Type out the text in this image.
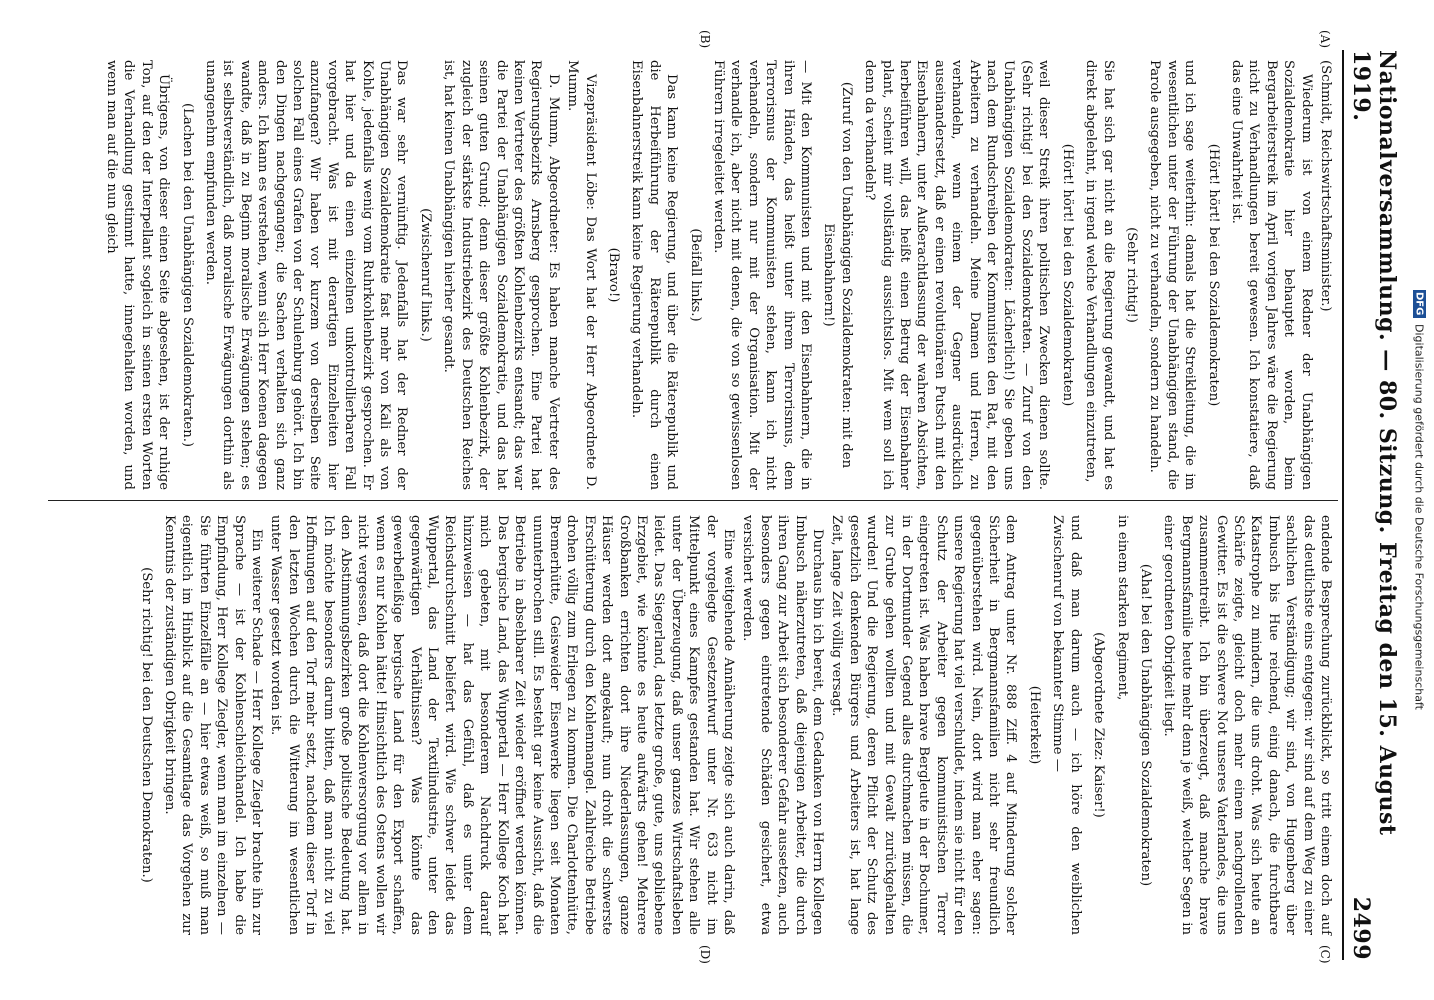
Nationalversammlung. — 80. Sitzung. Freitag den 15. August 1919.
2499
(A)
(B)
(C)
(D)

(Schmidt, Reichswirtschaftsminister.)

Wiederum ist von einem Redner der Unabhängigen Sozialdemokratie hier behauptet worden, beim Bergarbeiterstreik im April vorigen Jahres wäre die Regierung nicht zu Verhandlungen bereit gewesen. Ich konstatiere, daß das eine Unwahrheit ist.

(Hört! hört! bei den Sozialdemokraten)

und ich sage weiterhin: damals hat die Streikleitung, die im wesentlichen unter der Führung der Unabhängigen stand, die Parole ausgegeben, nicht zu verhandeln, sondern zu handeln.

(Sehr richtig!)

Sie hat sich gar nicht an die Regierung gewandt, und hat es direkt abgelehnt, in irgend welche Verhandlungen einzutreten,

(Hört! hört! bei den Sozialdemokraten)

weil dieser Streik ihren politischen Zwecken dienen sollte. (Sehr richtig! bei den Sozialdemokraten. — Zuruf von den Unabhängigen Sozialdemokraten: Lächerlich!) Sie geben uns nach dem Rundschreiben der Kommunisten den Rat, mit den Arbeitern zu verhandeln. Meine Damen und Herren, zu verhandeln, wenn einem der Gegner ausdrücklich auseinandersetzt, daß er einen revolutionären Putsch mit den Eisenbahnern, unter Außerachtlassung der wahren Absichten, herbeiführen will, das heißt einen Betrug der Eisenbahner plant, scheint mir vollständig aussichtslos. Mit wem soll ich denn da verhandeln?

(Zuruf von den Unabhängigen Sozialdemokraten: mit den Eisenbahnern!)

— Mit den Kommunisten und mit den Eisenbahnern, die in ihren Händen, das heißt unter ihrem Terrorismus, dem Terrorismus der Kommunisten stehen, kann ich nicht verhandeln, sondern nur mit der Organisation. Mit der verhandle ich, aber nicht mit denen, die von so gewissenlosen Führern irregeleitet werden.

(Beifall links.)

Das kann keine Regierung, und über die Räterepublik und die Herbeiführung der Räterepublik durch einen Eisenbahnerstreik kann keine Regierung verhandeln.

(Bravo!)

Vizepräsident Löbe: Das Wort hat der Herr Abgeordnete D. Mumm.

D. Mumm, Abgeordneter: Es haben manche Vertreter des Regierungsbezirks Arnsberg gesprochen. Eine Partei hat keinen Vertreter des größten Kohlenbezirks entsandt; das war die Partei der Unabhängigen Sozialdemokratie, und das hat seinen guten Grund; denn dieser größte Kohlenbezirk, der zugleich der stärkste Industriebezirk des Deutschen Reiches ist, hat keinen Unabhängigen hierher gesandt.

(Zwischenruf links.)

Das war sehr vernünftig. Jedenfalls hat der Redner der Unabhängigen Sozialdemokratie fast mehr von Kali als von Kohle, jedenfalls wenig vom Ruhrkohlenbezirk gesprochen. Er hat hier und da einen einzelnen unkontrollierbaren Fall vorgebracht. Was ist mit derartigen Einzelheiten hier anzufangen? Wir haben vor kurzem von derselben Seite solchen Fall eines Grafen von der Schulenburg gehört. Ich bin den Dingen nachgegangen; die Sachen verhalten sich ganz anders. Ich kann es verstehen, wenn sich Herr Koenen dagegen wandte, daß in zu Beginn moralische Erwägungen stehen; es ist selbstverständlich, daß moralische Erwägungen dorthin als unangenehm empfunden werden.

(Lachen bei den Unabhängigen Sozialdemokraten.)

Übrigens, von dieser einen Seite abgesehen, ist der ruhige Ton, auf den der Interpellant sogleich in seinen ersten Worten die Verhandlung gestimmt hatte, innegehalten worden, und wenn man auf die nun gleich

endende Besprechung zurückblickt, so tritt einem doch auf das deutlichste eins entgegen: wir sind auf dem Weg zu einer sachlichen Verständigung; wir sind, von Hugenberg über Imbusch bis Hue reichend, einig danach, die furchtbare Katastrophe zu mindern, die uns droht. Was sich heute an Schärfe zeigte, gleicht doch mehr einem nachgrollenden Gewitter. Es ist die schwere Not unseres Vaterlandes, die uns zusammentreibt. Ich bin überzeugt, daß manche brave Bergmannsfamilie heute mehr denn je weiß, welcher Segen in einer geordneten Obrigkeit liegt.

(Aha! bei den Unabhängigen Sozialdemokraten)

in einem starken Regiment,

(Abgeordnete Ziez: Kaiser!)

und daß man darum auch — ich höre den weiblichen Zwischenruf von bekannter Stimme —

(Heiterkeit)

dem Antrag unter Nr. 888 Ziff. 4 auf Minderung solcher Sicherheit in Bergmannsfamilien nicht sehr freundlich gegenüberstehen wird. Nein, dort wird man eher sagen: unsere Regierung hat viel verschuldet, indem sie nicht für den Schutz der Arbeiter gegen kommunistischen Terror eingetreten ist. Was haben brave Bergleute in der Bochumer, in der Dortmunder Gegend alles durchmachen müssen, die zur Grube gehen wollten und mit Gewalt zurückgehalten wurden! Und die Regierung, deren Pflicht der Schutz des gesetzlich denkenden Bürgers und Arbeiters ist, hat lange Zeit, lange Zeit völlig versagt.

Durchaus bin ich bereit, dem Gedanken von Herrn Kollegen Imbusch näherzutreten, daß diejenigen Arbeiter, die durch ihren Gang zur Arbeit sich besonderer Gefahr aussetzen, auch besonders gegen eintretende Schäden gesichert, etwa versichert werden.

Eine weitgehende Annäherung zeigte sich auch darin, daß der vorgelegte Gesetzentwurf unter Nr. 633 nicht im Mittelpunkt eines Kampfes gestanden hat. Wir stehen alle unter der Überzeugung, daß unser ganzes Wirtschaftsleben leidet. Das Siegerland, das letzte große, gute, uns gebliebene Erzgebiet, wie könnte es heute aufwärts gehen! Mehrere Großbanken errichten dort ihre Niederlassungen, ganze Häuser werden dort angekauft; nun droht die schwerste Erschütterung durch den Kohlenmangel. Zahlreiche Betriebe drohen völlig zum Erliegen zu kommen. Die Charlottenhütte, Bremerhütte, Geisweider Eisenwerke liegen seit Monaten ununterbrochen still. Es besteht gar keine Aussicht, daß die Betriebe in absehbarer Zeit wieder eröffnet werden können. Das bergische Land, das Wuppertal — Herr Kollege Koch hat mich gebeten, mit besonderem Nachdruck darauf hinzuweisen — hat das Gefühl, daß es unter dem Reichsdurchschnitt beliefert wird. Wie schwer leidet das Wuppertal, das Land der Textilindustrie, unter den gegenwärtigen Verhältnissen? Was könnte das gewerbefleißige bergische Land für den Export schaffen, wenn es nur Kohlen hätte! Hinsichtlich des Ostens wollen wir nicht vergessen, daß dort die Kohlenversorgung vor allem in den Abstimmungsbezirken große politische Bedeutung hat. Ich möchte besonders darum bitten, daß man nicht zu viel Hoffnungen auf den Torf mehr setzt, nachdem dieser Torf in den letzten Wochen durch die Witterung im wesentlichen unter Wasser gesetzt worden ist.

Ein weiterer Schade — Herr Kollege Ziegler brachte ihn zur Sprache — ist der Kohlenschleichhandel. Ich habe die Empfindung, Herr Kollege Ziegler, wenn man im einzelnen — Sie führten Einzelfälle an — hier etwas weiß, so muß man eigentlich im Hinblick auf die Gesamtlage das Vorgehen zur Kenntnis der zuständigen Obrigkeit bringen.

(Sehr richtig! bei den Deutschen Demokraten.)

DFG
Digitalisierung gefördert durch die Deutsche Forschungsgemeinschaft
